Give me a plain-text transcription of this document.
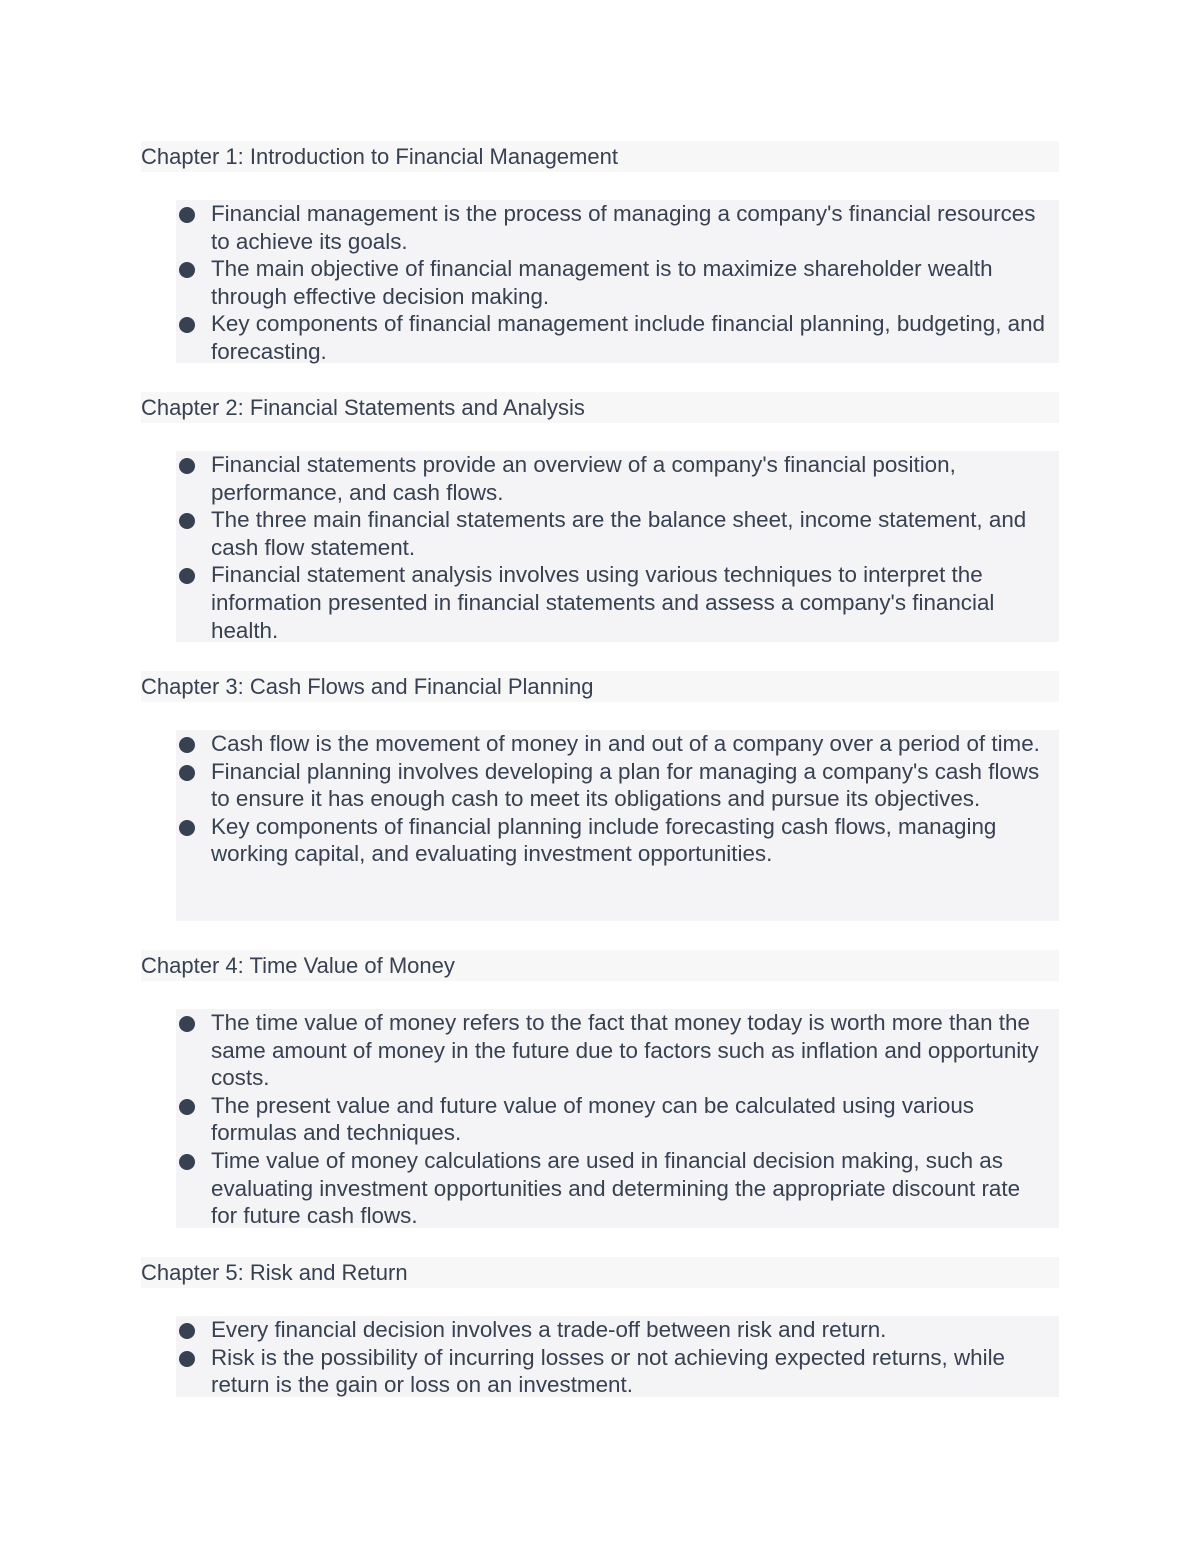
Chapter 1: Introduction to Financial Management
Financial management is the process of managing a company's financial resources to achieve its goals.
The main objective of financial management is to maximize shareholder wealth through effective decision making.
Key components of financial management include financial planning, budgeting, and forecasting.
Chapter 2: Financial Statements and Analysis
Financial statements provide an overview of a company's financial position, performance, and cash flows.
The three main financial statements are the balance sheet, income statement, and cash flow statement.
Financial statement analysis involves using various techniques to interpret the information presented in financial statements and assess a company's financial health.
Chapter 3: Cash Flows and Financial Planning
Cash flow is the movement of money in and out of a company over a period of time.
Financial planning involves developing a plan for managing a company's cash flows to ensure it has enough cash to meet its obligations and pursue its objectives.
Key components of financial planning include forecasting cash flows, managing working capital, and evaluating investment opportunities.
Chapter 4: Time Value of Money
The time value of money refers to the fact that money today is worth more than the same amount of money in the future due to factors such as inflation and opportunity costs.
The present value and future value of money can be calculated using various formulas and techniques.
Time value of money calculations are used in financial decision making, such as evaluating investment opportunities and determining the appropriate discount rate for future cash flows.
Chapter 5: Risk and Return
Every financial decision involves a trade-off between risk and return.
Risk is the possibility of incurring losses or not achieving expected returns, while return is the gain or loss on an investment.
